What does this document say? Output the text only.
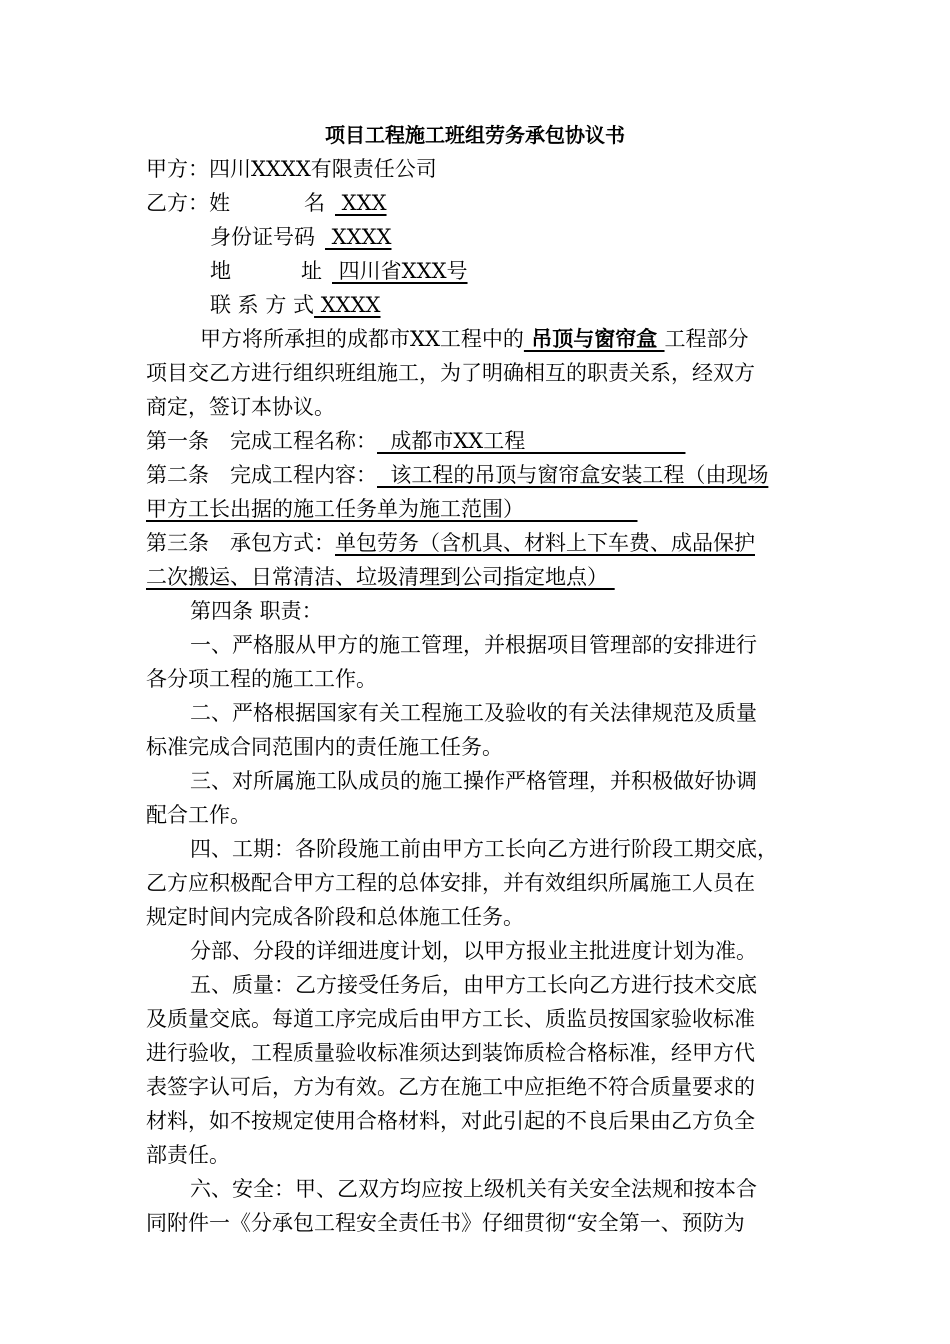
项目工程施工班组劳务承包协议书
甲方：四川XXXX有限责任公司
乙方：姓	名 XXX
身份证号码 XXXX
地	址 四川省XXX号
联 系 方 式 XXXX
甲方将所承担的成都市XX工程中的 吊顶与窗帘盒 工程部分
项目交乙方进行组织班组施工，为了明确相互的职责关系，经双方
商定，签订本协议。
第一条　完成工程名称：  成都市XX工程
第二条　完成工程内容：  该工程的吊顶与窗帘盒安装工程（由现场
甲方工长出据的施工任务单为施工范围）
第三条　承包方式：单包劳务（含机具、材料上下车费、成品保护
二次搬运、日常清洁、垃圾清理到公司指定地点）
第四条 职责：
一、严格服从甲方的施工管理，并根据项目管理部的安排进行
各分项工程的施工工作。
二、严格根据国家有关工程施工及验收的有关法律规范及质量
标准完成合同范围内的责任施工任务。
三、对所属施工队成员的施工操作严格管理，并积极做好协调
配合工作。
四、工期：各阶段施工前由甲方工长向乙方进行阶段工期交底，
乙方应积极配合甲方工程的总体安排，并有效组织所属施工人员在
规定时间内完成各阶段和总体施工任务。
分部、分段的详细进度计划，以甲方报业主批进度计划为准。
五、质量：乙方接受任务后，由甲方工长向乙方进行技术交底
及质量交底。每道工序完成后由甲方工长、质监员按国家验收标准
进行验收，工程质量验收标准须达到装饰质检合格标准，经甲方代
表签字认可后，方为有效。乙方在施工中应拒绝不符合质量要求的
材料，如不按规定使用合格材料，对此引起的不良后果由乙方负全
部责任。
六、安全：甲、乙双方均应按上级机关有关安全法规和按本合
同附件一《分承包工程安全责任书》仔细贯彻“安全第一、预防为
